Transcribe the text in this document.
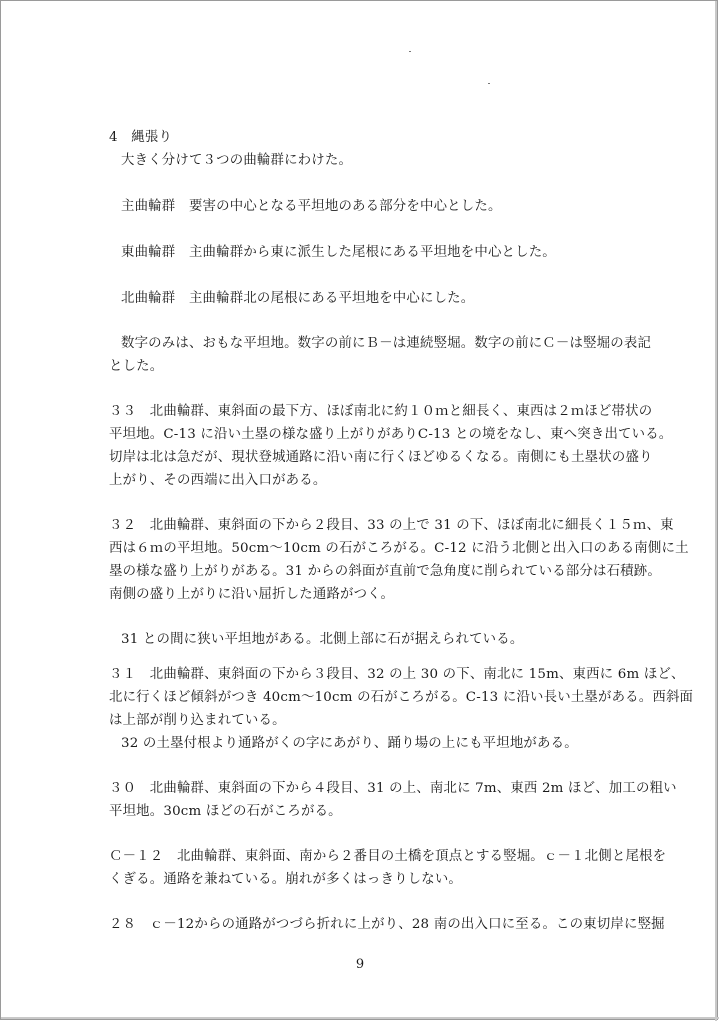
4　縄張り
大きく分けて３つの曲輪群にわけた。
主曲輪群　要害の中心となる平坦地のある部分を中心とした。
東曲輪群　主曲輪群から東に派生した尾根にある平坦地を中心とした。
北曲輪群　主曲輪群北の尾根にある平坦地を中心にした。
数字のみは、おもな平坦地。数字の前にＢ－は連続竪堀。数字の前にＣ－は竪堀の表記
とした。
３３　北曲輪群、東斜面の最下方、ほぼ南北に約１０ｍと細長く、東西は２ｍほど帯状の
平坦地。C-13 に沿い土塁の様な盛り上がりがありC-13 との境をなし、東へ突き出ている。
切岸は北は急だが、現状登城通路に沿い南に行くほどゆるくなる。南側にも土塁状の盛り
上がり、その西端に出入口がある。
３２　北曲輪群、東斜面の下から２段目、33 の上で 31 の下、ほぼ南北に細長く１５ｍ、東
西は６ｍの平坦地。50cm～10cm の石がころがる。C-12 に沿う北側と出入口のある南側に土
塁の様な盛り上がりがある。31 からの斜面が直前で急角度に削られている部分は石積跡。
南側の盛り上がりに沿い屈折した通路がつく。
31 との間に狭い平坦地がある。北側上部に石が据えられている。
３１　北曲輪群、東斜面の下から３段目、32 の上 30 の下、南北に 15m、東西に 6m ほど、
北に行くほど傾斜がつき 40cm～10cm の石がころがる。C-13 に沿い長い土塁がある。西斜面
は上部が削り込まれている。
32 の土塁付根より通路がくの字にあがり、踊り場の上にも平坦地がある。
３０　北曲輪群、東斜面の下から４段目、31 の上、南北に 7m、東西 2m ほど、加工の粗い
平坦地。30cm ほどの石がころがる。
Ｃ－１２　北曲輪群、東斜面、南から２番目の土橋を頂点とする竪堀。ｃ－１北側と尾根を
くぎる。通路を兼ねている。崩れが多くはっきりしない。
２８　ｃ－12からの通路がつづら折れに上がり、28 南の出入口に至る。この東切岸に竪掘
9
